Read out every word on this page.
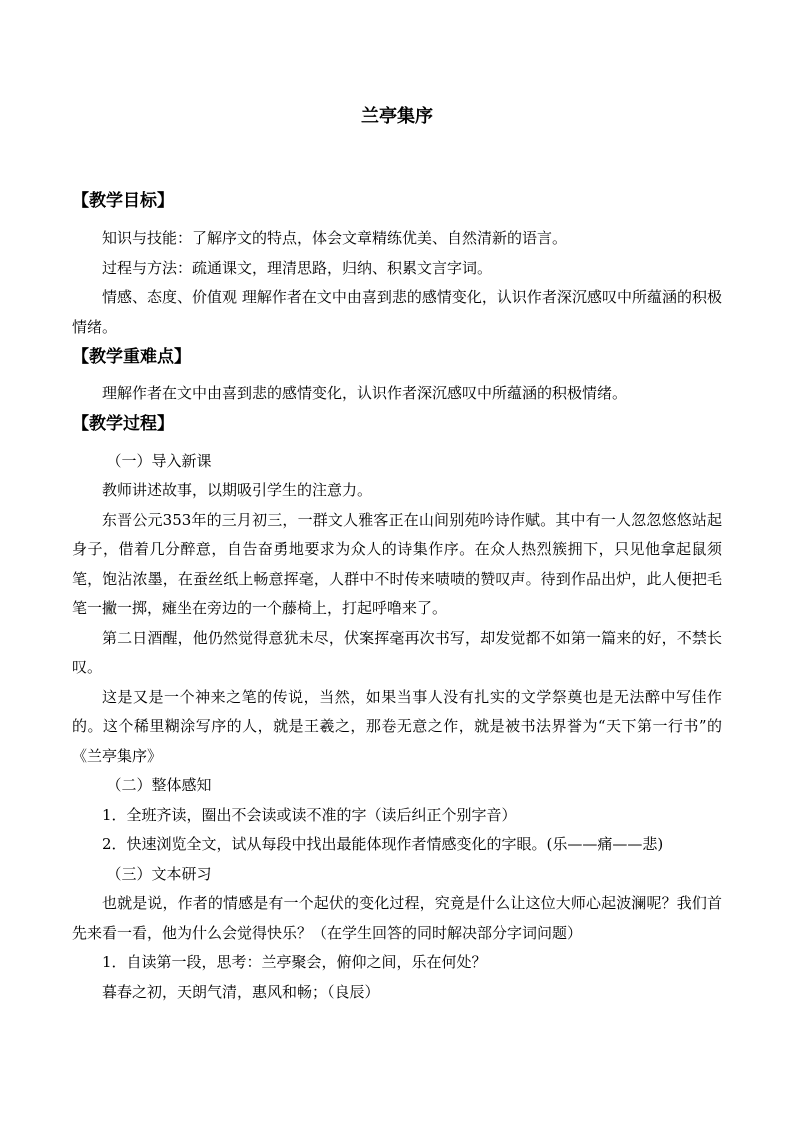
兰亭集序

【教学目标】

知识与技能：了解序文的特点，体会文章精练优美、自然清新的语言。

过程与方法：疏通课文，理清思路，归纳、积累文言字词。

情感、态度、价值观 理解作者在文中由喜到悲的感情变化，认识作者深沉感叹中所蕴涵的积极情绪。

【教学重难点】

理解作者在文中由喜到悲的感情变化，认识作者深沉感叹中所蕴涵的积极情绪。

【教学过程】

（一）导入新课

教师讲述故事，以期吸引学生的注意力。

东晋公元353年的三月初三，一群文人雅客正在山间别苑吟诗作赋。其中有一人忽忽悠悠站起身子，借着几分醉意，自告奋勇地要求为众人的诗集作序。在众人热烈簇拥下，只见他拿起鼠须笔，饱沾浓墨，在蚕丝纸上畅意挥毫，人群中不时传来啧啧的赞叹声。待到作品出炉，此人便把毛笔一撇一掷，瘫坐在旁边的一个藤椅上，打起呼噜来了。

第二日酒醒，他仍然觉得意犹未尽，伏案挥毫再次书写，却发觉都不如第一篇来的好，不禁长叹。

这是又是一个神来之笔的传说，当然，如果当事人没有扎实的文学祭奠也是无法醉中写佳作的。这个稀里糊涂写序的人，就是王羲之，那卷无意之作，就是被书法界誉为“天下第一行书”的《兰亭集序》

（二）整体感知

1．全班齐读，圈出不会读或读不准的字（读后纠正个别字音）

2．快速浏览全文，试从每段中找出最能体现作者情感变化的字眼。(乐——痛——悲)

（三）文本研习

也就是说，作者的情感是有一个起伏的变化过程，究竟是什么让这位大师心起波澜呢？我们首先来看一看，他为什么会觉得快乐？（在学生回答的同时解决部分字词问题）

1．自读第一段，思考：兰亭聚会，俯仰之间，乐在何处？

暮春之初，天朗气清，惠风和畅；（良辰）
